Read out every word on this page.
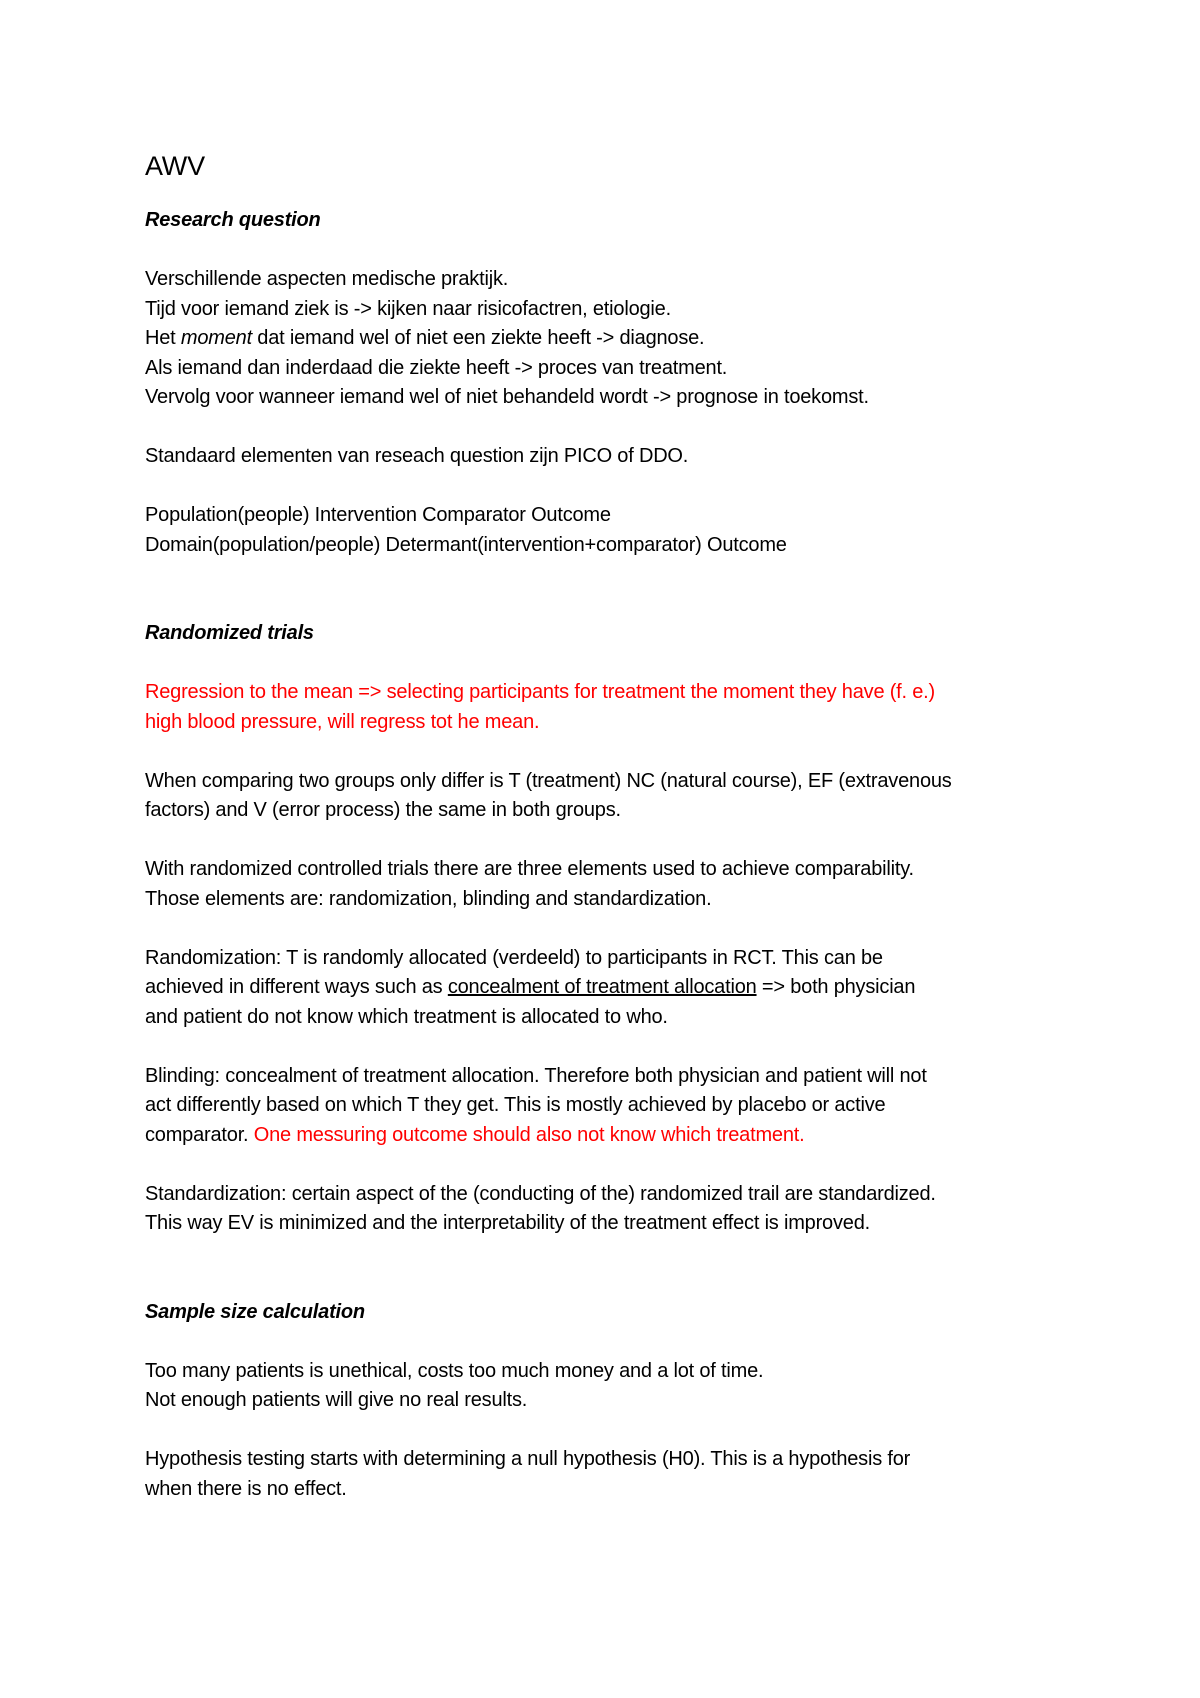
AWV
Research question

Verschillende aspecten medische praktijk.
Tijd voor iemand ziek is -> kijken naar risicofactren, etiologie.
Het moment dat iemand wel of niet een ziekte heeft -> diagnose.
Als iemand dan inderdaad die ziekte heeft -> proces van treatment.
Vervolg voor wanneer iemand wel of niet behandeld wordt -> prognose in toekomst.

Standaard elementen van reseach question zijn PICO of DDO.

Population(people) Intervention Comparator Outcome
Domain(population/people) Determant(intervention+comparator) Outcome

Randomized trials

Regression to the mean => selecting participants for treatment the moment they have (f. e.)
high blood pressure, will regress tot he mean.

When comparing two groups only differ is T (treatment) NC (natural course), EF (extravenous
factors) and V (error process) the same in both groups.

With randomized controlled trials there are three elements used to achieve comparability.
Those elements are: randomization, blinding and standardization.

Randomization: T is randomly allocated (verdeeld) to participants in RCT. This can be
achieved in different ways such as concealment of treatment allocation => both physician
and patient do not know which treatment is allocated to who.

Blinding: concealment of treatment allocation. Therefore both physician and patient will not
act differently based on which T they get. This is mostly achieved by placebo or active
comparator. One messuring outcome should also not know which treatment.

Standardization: certain aspect of the (conducting of the) randomized trail are standardized.
This way EV is minimized and the interpretability of the treatment effect is improved.

Sample size calculation

Too many patients is unethical, costs too much money and a lot of time.
Not enough patients will give no real results.

Hypothesis testing starts with determining a null hypothesis (H0). This is a hypothesis for
when there is no effect.
